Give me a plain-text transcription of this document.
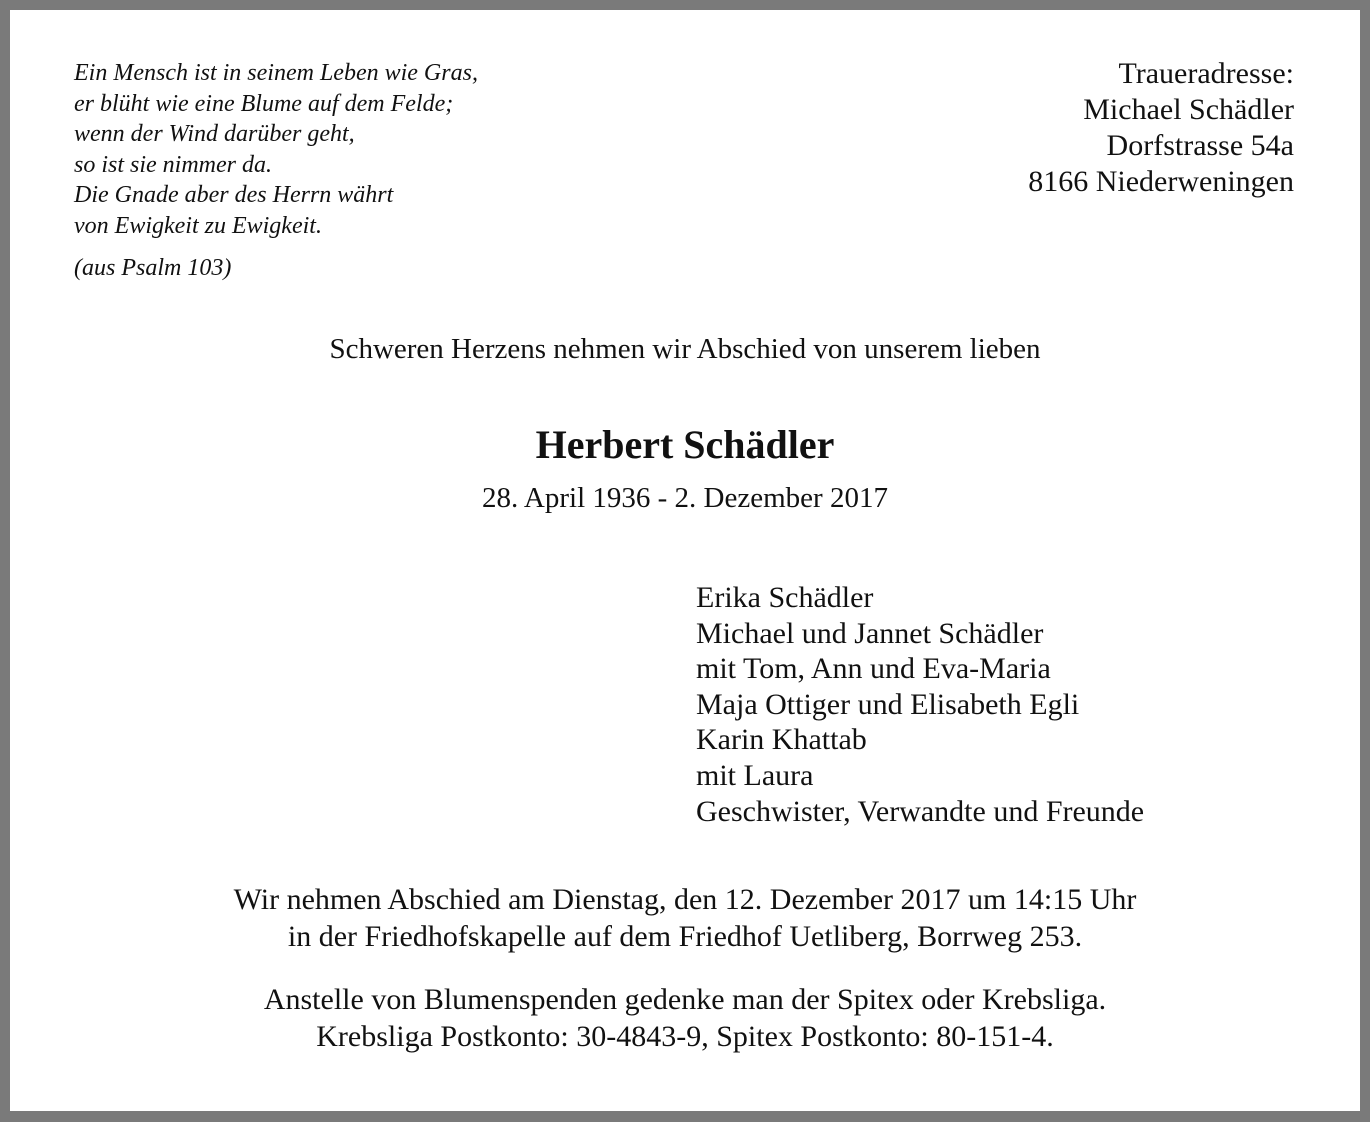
Ein Mensch ist in seinem Leben wie Gras,
er blüht wie eine Blume auf dem Felde;
wenn der Wind darüber geht,
so ist sie nimmer da.
Die Gnade aber des Herrn währt
von Ewigkeit zu Ewigkeit.
(aus Psalm 103)
Traueradresse:
Michael Schädler
Dorfstrasse 54a
8166 Niederweningen
Schweren Herzens nehmen wir Abschied von unserem lieben
Herbert Schädler
28. April 1936 - 2. Dezember 2017
Erika Schädler
Michael und Jannet Schädler
mit Tom, Ann und Eva-Maria
Maja Ottiger und Elisabeth Egli
Karin Khattab
mit Laura
Geschwister, Verwandte und Freunde
Wir nehmen Abschied am Dienstag, den 12. Dezember 2017 um 14:15 Uhr
in der Friedhofskapelle auf dem Friedhof Uetliberg, Borrweg 253.
Anstelle von Blumenspenden gedenke man der Spitex oder Krebsliga.
Krebsliga Postkonto: 30-4843-9, Spitex Postkonto: 80-151-4.
